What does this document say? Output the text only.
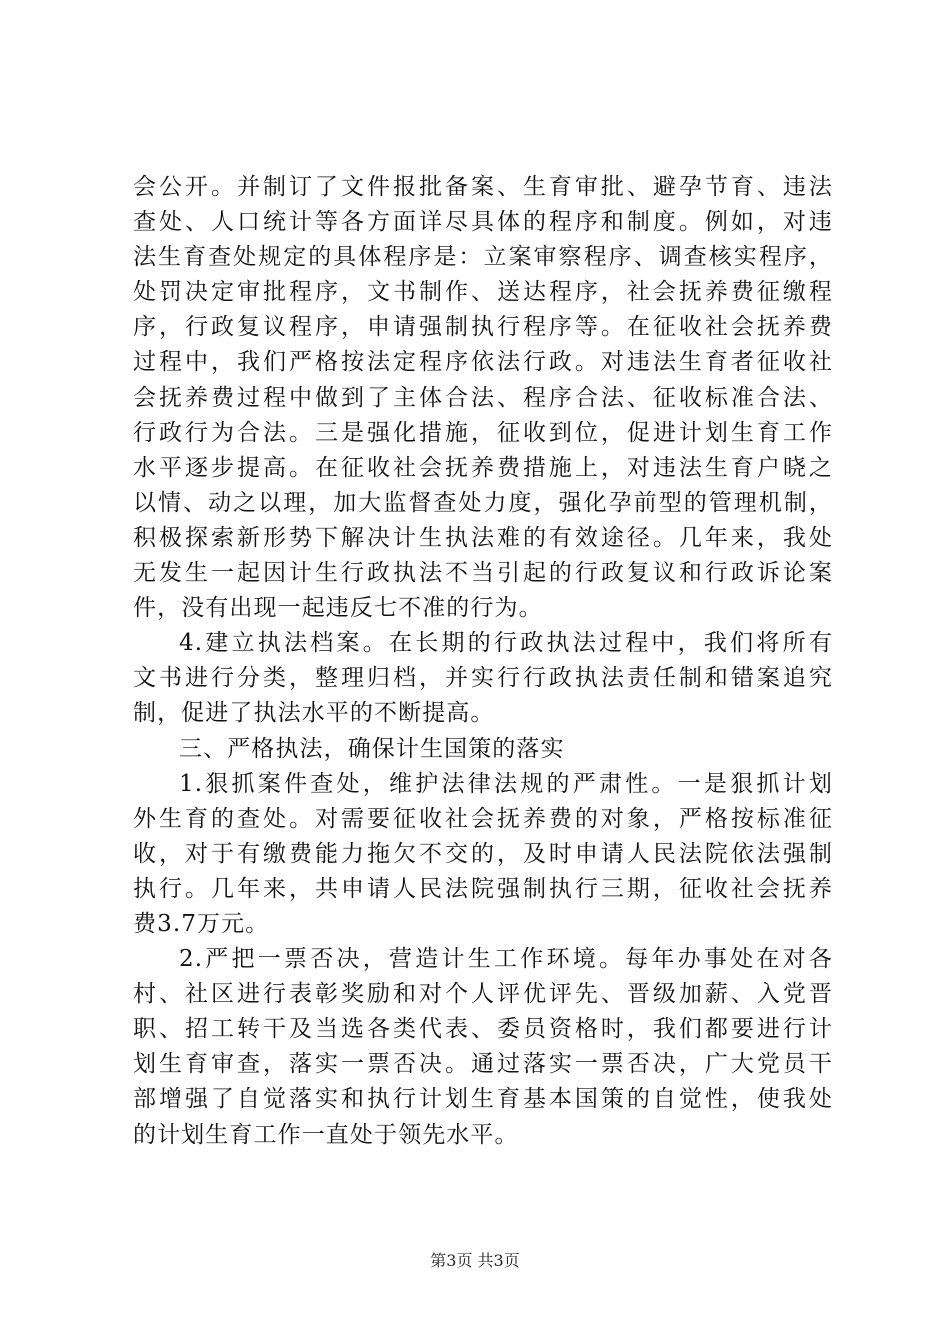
会公开。并制订了文件报批备案、生育审批、避孕节育、违法
查处、人口统计等各方面详尽具体的程序和制度。例如，对违
法生育查处规定的具体程序是：立案审察程序、调查核实程序，
处罚决定审批程序，文书制作、送达程序，社会抚养费征缴程
序，行政复议程序，申请强制执行程序等。在征收社会抚养费
过程中，我们严格按法定程序依法行政。对违法生育者征收社
会抚养费过程中做到了主体合法、程序合法、征收标准合法、
行政行为合法。三是强化措施，征收到位，促进计划生育工作
水平逐步提高。在征收社会抚养费措施上，对违法生育户晓之
以情、动之以理，加大监督查处力度，强化孕前型的管理机制，
积极探索新形势下解决计生执法难的有效途径。几年来，我处
无发生一起因计生行政执法不当引起的行政复议和行政诉论案
件，没有出现一起违反七不准的行为。
4.建立执法档案。在长期的行政执法过程中，我们将所有
文书进行分类，整理归档，并实行行政执法责任制和错案追究
制，促进了执法水平的不断提高。
三、严格执法，确保计生国策的落实
1.狠抓案件查处，维护法律法规的严肃性。一是狠抓计划
外生育的查处。对需要征收社会抚养费的对象，严格按标准征
收，对于有缴费能力拖欠不交的，及时申请人民法院依法强制
执行。几年来，共申请人民法院强制执行三期，征收社会抚养
费3.7万元。
2.严把一票否决，营造计生工作环境。每年办事处在对各
村、社区进行表彰奖励和对个人评优评先、晋级加薪、入党晋
职、招工转干及当选各类代表、委员资格时，我们都要进行计
划生育审查，落实一票否决。通过落实一票否决，广大党员干
部增强了自觉落实和执行计划生育基本国策的自觉性，使我处
的计划生育工作一直处于领先水平。
第3页 共3页
